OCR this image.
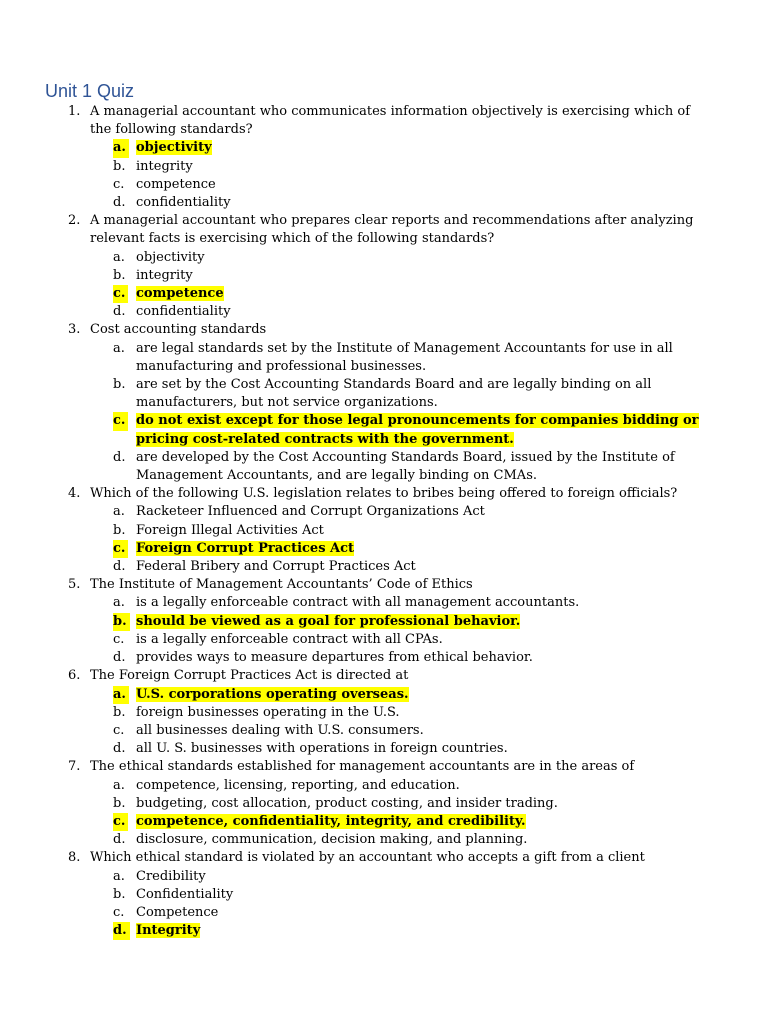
Unit 1 Quiz
1. A managerial accountant who communicates information objectively is exercising which of the following standards?
a. objectivity
b. integrity
c. competence
d. confidentiality
2. A managerial accountant who prepares clear reports and recommendations after analyzing relevant facts is exercising which of the following standards?
a. objectivity
b. integrity
c. competence
d. confidentiality
3. Cost accounting standards
a. are legal standards set by the Institute of Management Accountants for use in all manufacturing and professional businesses.
b. are set by the Cost Accounting Standards Board and are legally binding on all manufacturers, but not service organizations.
c. do not exist except for those legal pronouncements for companies bidding or pricing cost-related contracts with the government.
d. are developed by the Cost Accounting Standards Board, issued by the Institute of Management Accountants, and are legally binding on CMAs.
4. Which of the following U.S. legislation relates to bribes being offered to foreign officials?
a. Racketeer Influenced and Corrupt Organizations Act
b. Foreign Illegal Activities Act
c. Foreign Corrupt Practices Act
d. Federal Bribery and Corrupt Practices Act
5. The Institute of Management Accountants’ Code of Ethics
a. is a legally enforceable contract with all management accountants.
b. should be viewed as a goal for professional behavior.
c. is a legally enforceable contract with all CPAs.
d. provides ways to measure departures from ethical behavior.
6. The Foreign Corrupt Practices Act is directed at
a. U.S. corporations operating overseas.
b. foreign businesses operating in the U.S.
c. all businesses dealing with U.S. consumers.
d. all U. S. businesses with operations in foreign countries.
7. The ethical standards established for management accountants are in the areas of
a. competence, licensing, reporting, and education.
b. budgeting, cost allocation, product costing, and insider trading.
c. competence, confidentiality, integrity, and credibility.
d. disclosure, communication, decision making, and planning.
8. Which ethical standard is violated by an accountant who accepts a gift from a client
a. Credibility
b. Confidentiality
c. Competence
d. Integrity
